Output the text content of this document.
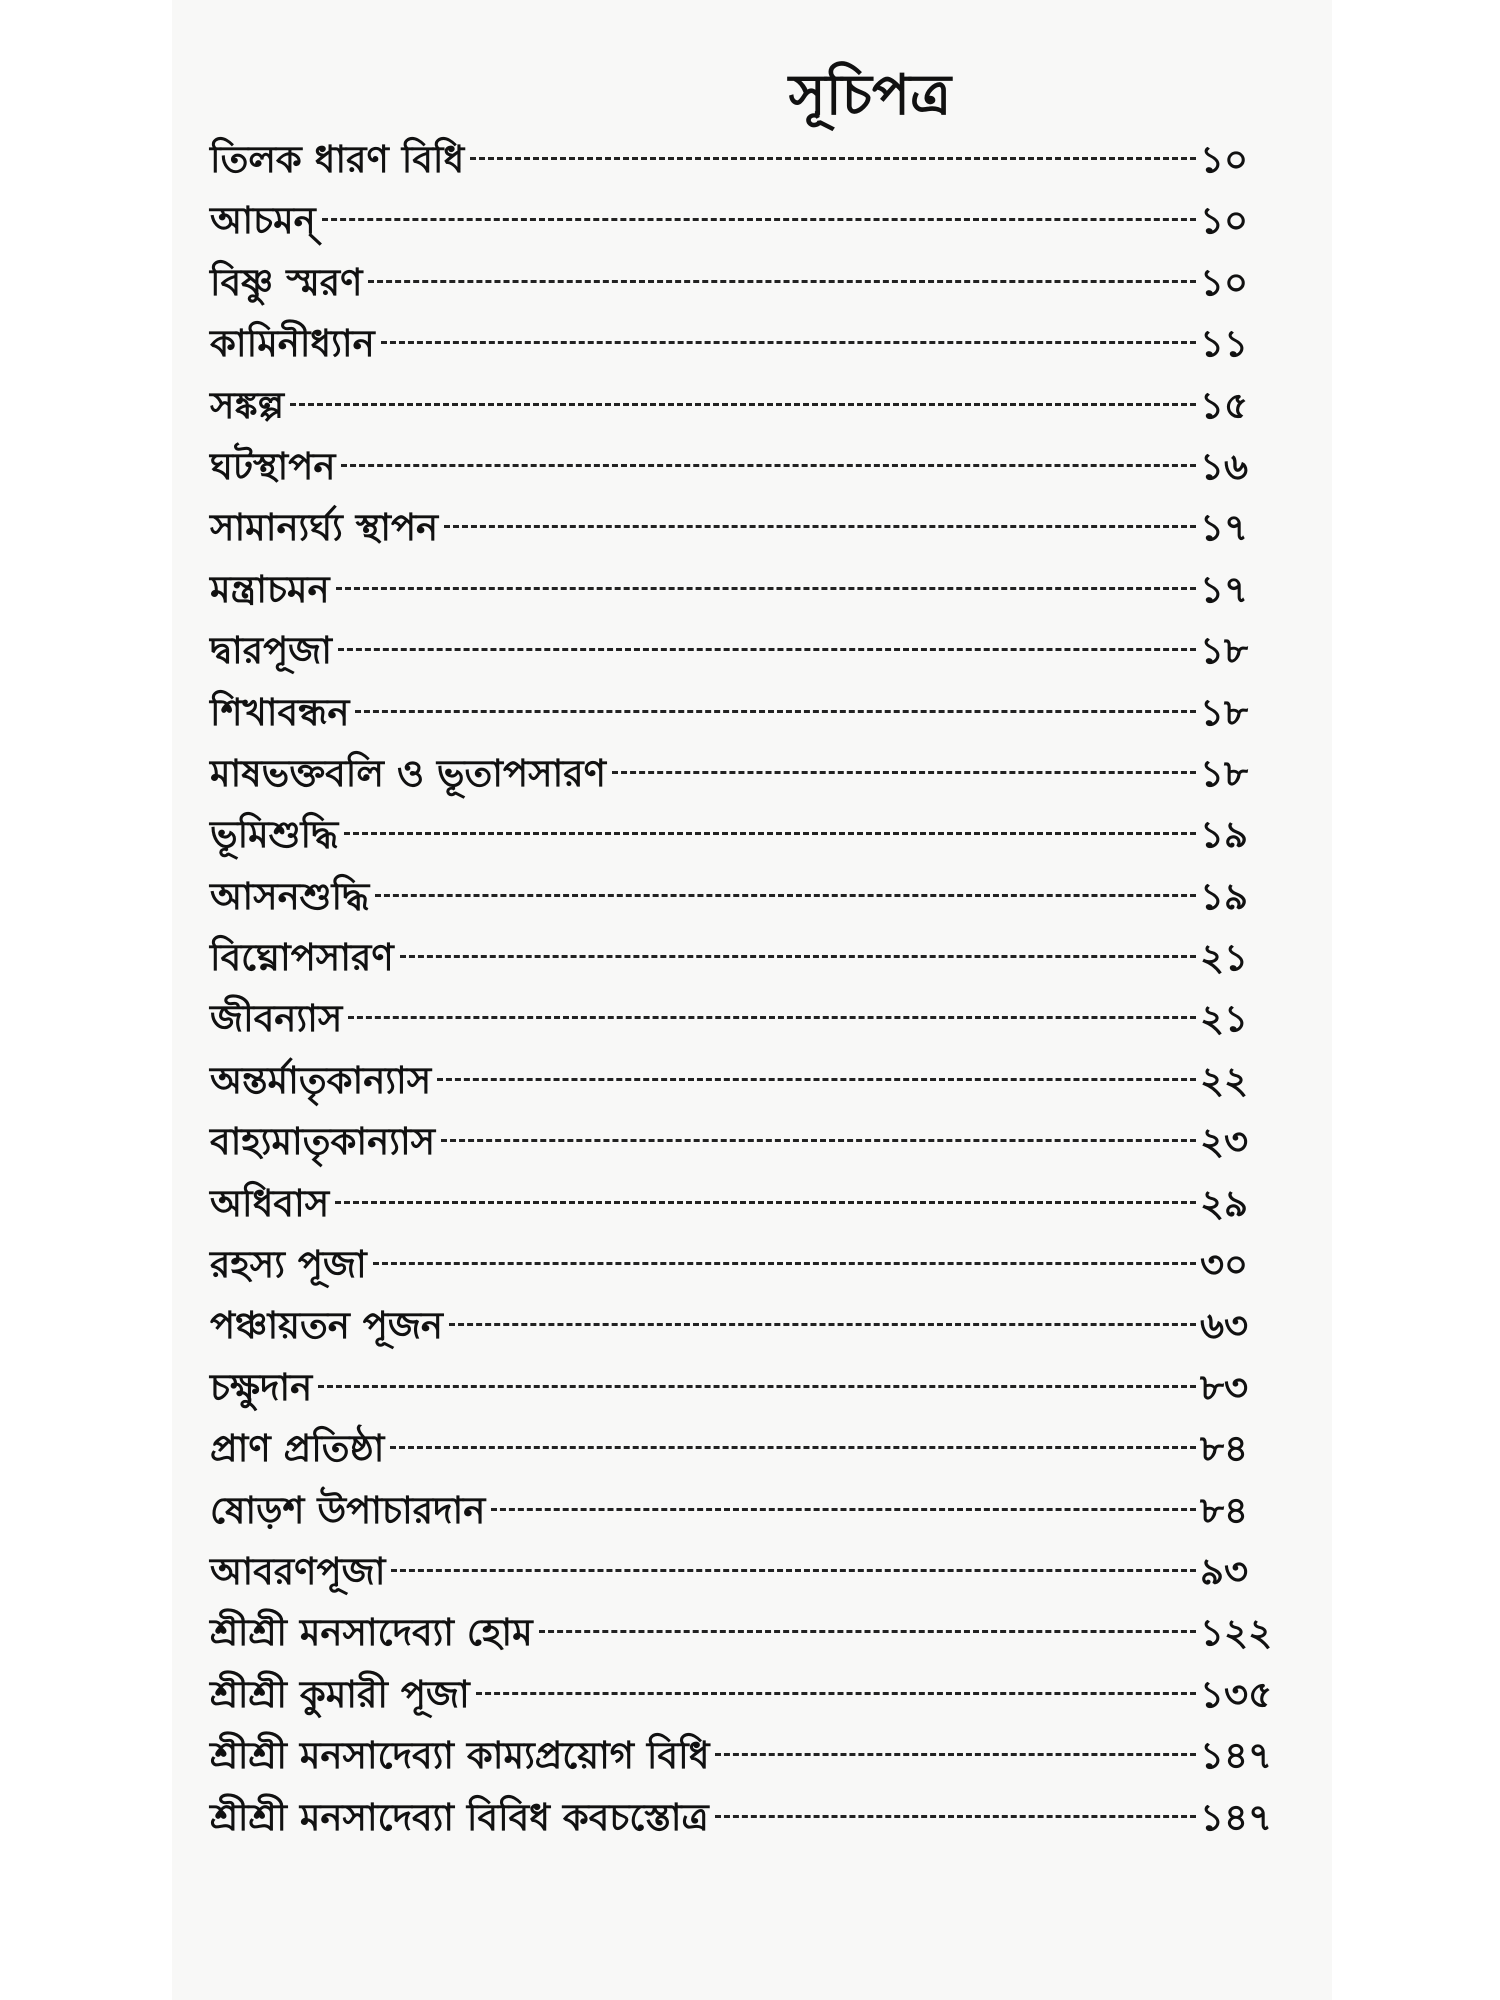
সূচিপত্র
তিলক ধারণ বিধি	১০
আচমন্	১০
বিষ্ণু স্মরণ	১০
কামিনীধ্যান	১১
সঙ্কল্প	১৫
ঘটস্থাপন	১৬
সামান্যর্ঘ্য স্থাপন	১৭
মন্ত্রাচমন	১৭
দ্বারপূজা	১৮
শিখাবন্ধন	১৮
মাষভক্তবলি ও ভূতাপসারণ	১৮
ভূমিশুদ্ধি	১৯
আসনশুদ্ধি	১৯
বিঘ্নোপসারণ	২১
জীবন্যাস	২১
অন্তর্মাতৃকান্যাস	২২
বাহ্যমাতৃকান্যাস	২৩
অধিবাস	২৯
রহস্য পূজা	৩০
পঞ্চায়তন পূজন	৬৩
চক্ষুদান	৮৩
প্রাণ প্রতিষ্ঠা	৮৪
ষোড়শ উপাচারদান	৮৪
আবরণপূজা	৯৩
শ্রীশ্রী মনসাদেব্যা হোম	১২২
শ্রীশ্রী কুমারী পূজা	১৩৫
শ্রীশ্রী মনসাদেব্যা কাম্যপ্রয়োগ বিধি	১৪৭
শ্রীশ্রী মনসাদেব্যা বিবিধ কবচস্তোত্র	১৪৭
